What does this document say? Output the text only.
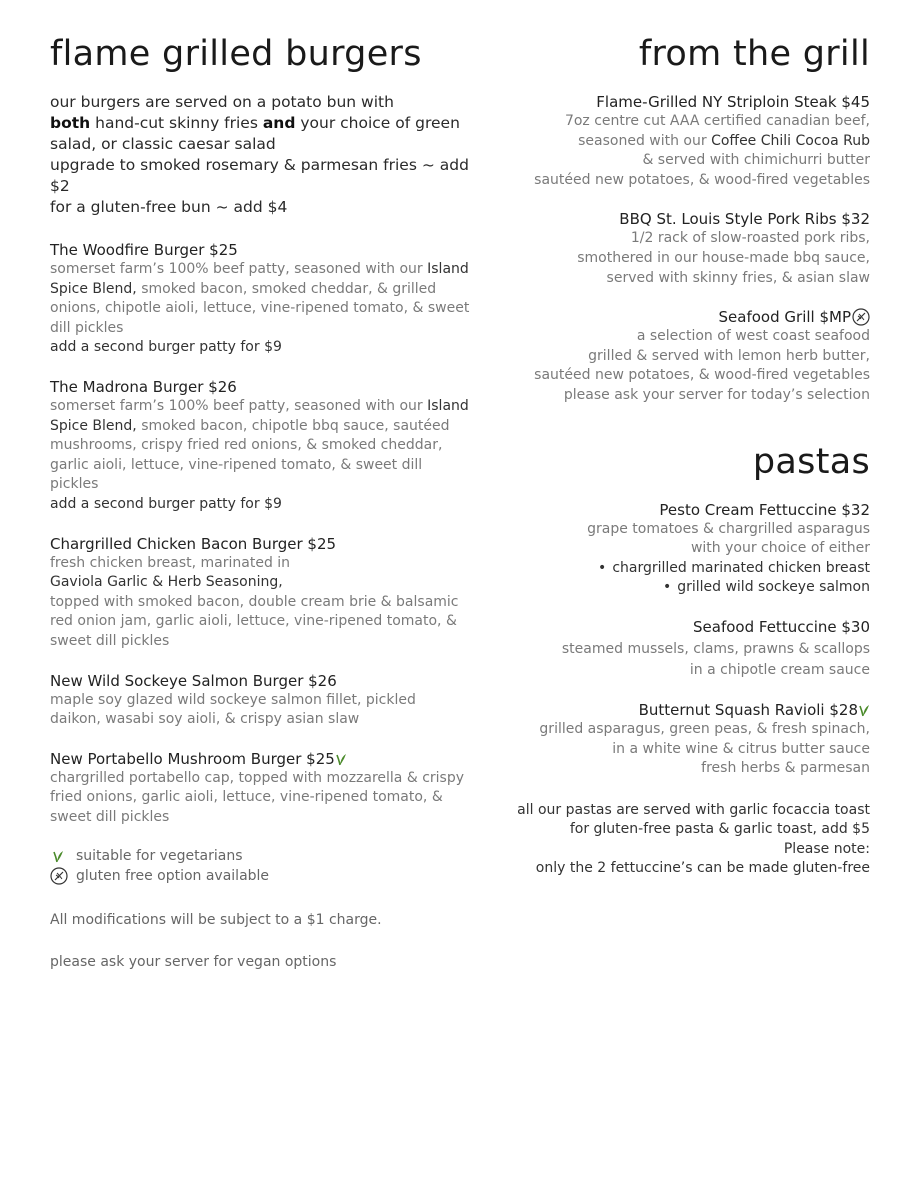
flame grilled burgers
our burgers are served on a potato bun with
both hand-cut skinny fries and your choice of green salad, or classic caesar salad
upgrade to smoked rosemary & parmesan fries ~ add $2
for a gluten-free bun ~ add $4
The Woodfire Burger $25
somerset farm’s 100% beef patty, seasoned with our Island Spice Blend, smoked bacon, smoked cheddar, & grilled onions, chipotle aioli, lettuce, vine-ripened tomato, & sweet dill pickles
add a second burger patty for $9
The Madrona Burger $26
somerset farm’s 100% beef patty, seasoned with our Island Spice Blend, smoked bacon, chipotle bbq sauce, sautéed mushrooms, crispy fried red onions, & smoked cheddar, garlic aioli, lettuce, vine-ripened tomato, & sweet dill pickles
add a second burger patty for $9
Chargrilled Chicken Bacon Burger $25
fresh chicken breast, marinated in
Gaviola Garlic & Herb Seasoning,
topped with smoked bacon, double cream brie & balsamic red onion jam, garlic aioli, lettuce, vine-ripened tomato, & sweet dill pickles
New Wild Sockeye Salmon Burger $26
maple soy glazed wild sockeye salmon fillet, pickled daikon, wasabi soy aioli, & crispy asian slaw
New Portabello Mushroom Burger $25
chargrilled portabello cap, topped with mozzarella & crispy fried onions, garlic aioli, lettuce, vine-ripened tomato, & sweet dill pickles
suitable for vegetarians
gluten free option available
All modifications will be subject to a $1 charge.
please ask your server for vegan options
from the grill
Flame-Grilled NY Striploin Steak $45
7oz centre cut AAA certified canadian beef,
seasoned with our Coffee Chili Cocoa Rub
& served with chimichurri butter
sautéed new potatoes, & wood-fired vegetables
BBQ St. Louis Style Pork Ribs $32
1/2 rack of slow-roasted pork ribs,
smothered in our house-made bbq sauce,
served with skinny fries, & asian slaw
Seafood Grill $MP
a selection of west coast seafood
grilled & served with lemon herb butter,
sautéed new potatoes, & wood-fired vegetables
please ask your server for today’s selection
pastas
Pesto Cream Fettuccine $32
grape tomatoes & chargrilled asparagus
with your choice of either
• chargrilled marinated chicken breast
• grilled wild sockeye salmon
Seafood Fettuccine $30
steamed mussels, clams, prawns & scallops
in a chipotle cream sauce
Butternut Squash Ravioli $28
grilled asparagus, green peas, & fresh spinach,
in a white wine & citrus butter sauce
fresh herbs & parmesan
all our pastas are served with garlic focaccia toast
for gluten-free pasta & garlic toast, add $5
Please note:
only the 2 fettuccine’s can be made gluten-free
